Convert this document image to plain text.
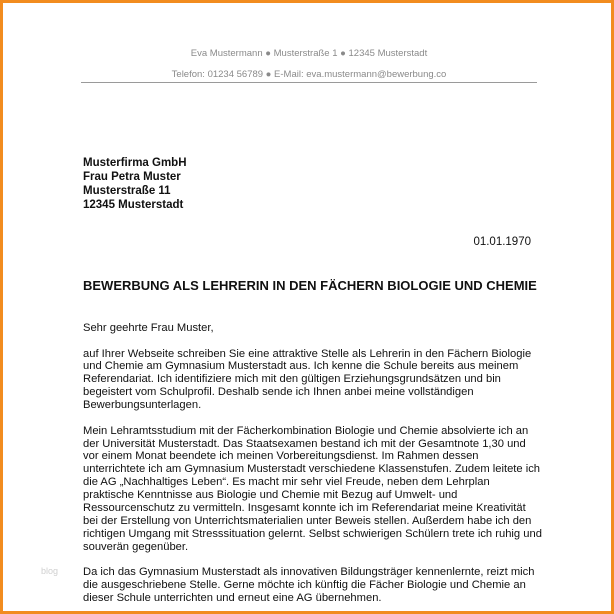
Eva Mustermann ● Musterstraße 1 ● 12345 Musterstadt
Telefon: 01234 56789 ● E-Mail: eva.mustermann@bewerbung.co
Musterfirma GmbH
Frau Petra Muster
Musterstraße 11
12345 Musterstadt
01.01.1970
BEWERBUNG ALS LEHRERIN IN DEN FÄCHERN BIOLOGIE UND CHEMIE

Sehr geehrte Frau Muster,

auf Ihrer Webseite schreiben Sie eine attraktive Stelle als Lehrerin in den Fächern Biologie und Chemie am Gymnasium Musterstadt aus. Ich kenne die Schule bereits aus meinem Referendariat. Ich identifiziere mich mit den gültigen Erziehungsgrundsätzen und bin begeistert vom Schulprofil. Deshalb sende ich Ihnen anbei meine vollständigen Bewerbungsunterlagen.

Mein Lehramtsstudium mit der Fächerkombination Biologie und Chemie absolvierte ich an der Universität Musterstadt. Das Staatsexamen bestand ich mit der Gesamtnote 1,30 und vor einem Monat beendete ich meinen Vorbereitungsdienst. Im Rahmen dessen unterrichtete ich am Gymnasium Musterstadt verschiedene Klassenstufen. Zudem leitete ich die AG „Nachhaltiges Leben“. Es macht mir sehr viel Freude, neben dem Lehrplan praktische Kenntnisse aus Biologie und Chemie mit Bezug auf Umwelt- und Ressourcenschutz zu vermitteln. Insgesamt konnte ich im Referendariat meine Kreativität bei der Erstellung von Unterrichtsmaterialien unter Beweis stellen. Außerdem habe ich den richtigen Umgang mit Stresssituation gelernt. Selbst schwierigen Schülern trete ich ruhig und souverän gegenüber.

Da ich das Gymnasium Musterstadt als innovativen Bildungsträger kennenlernte, reizt mich die ausgeschriebene Stelle. Gerne möchte ich künftig die Fächer Biologie und Chemie an dieser Schule unterrichten und erneut eine AG übernehmen.

blog
